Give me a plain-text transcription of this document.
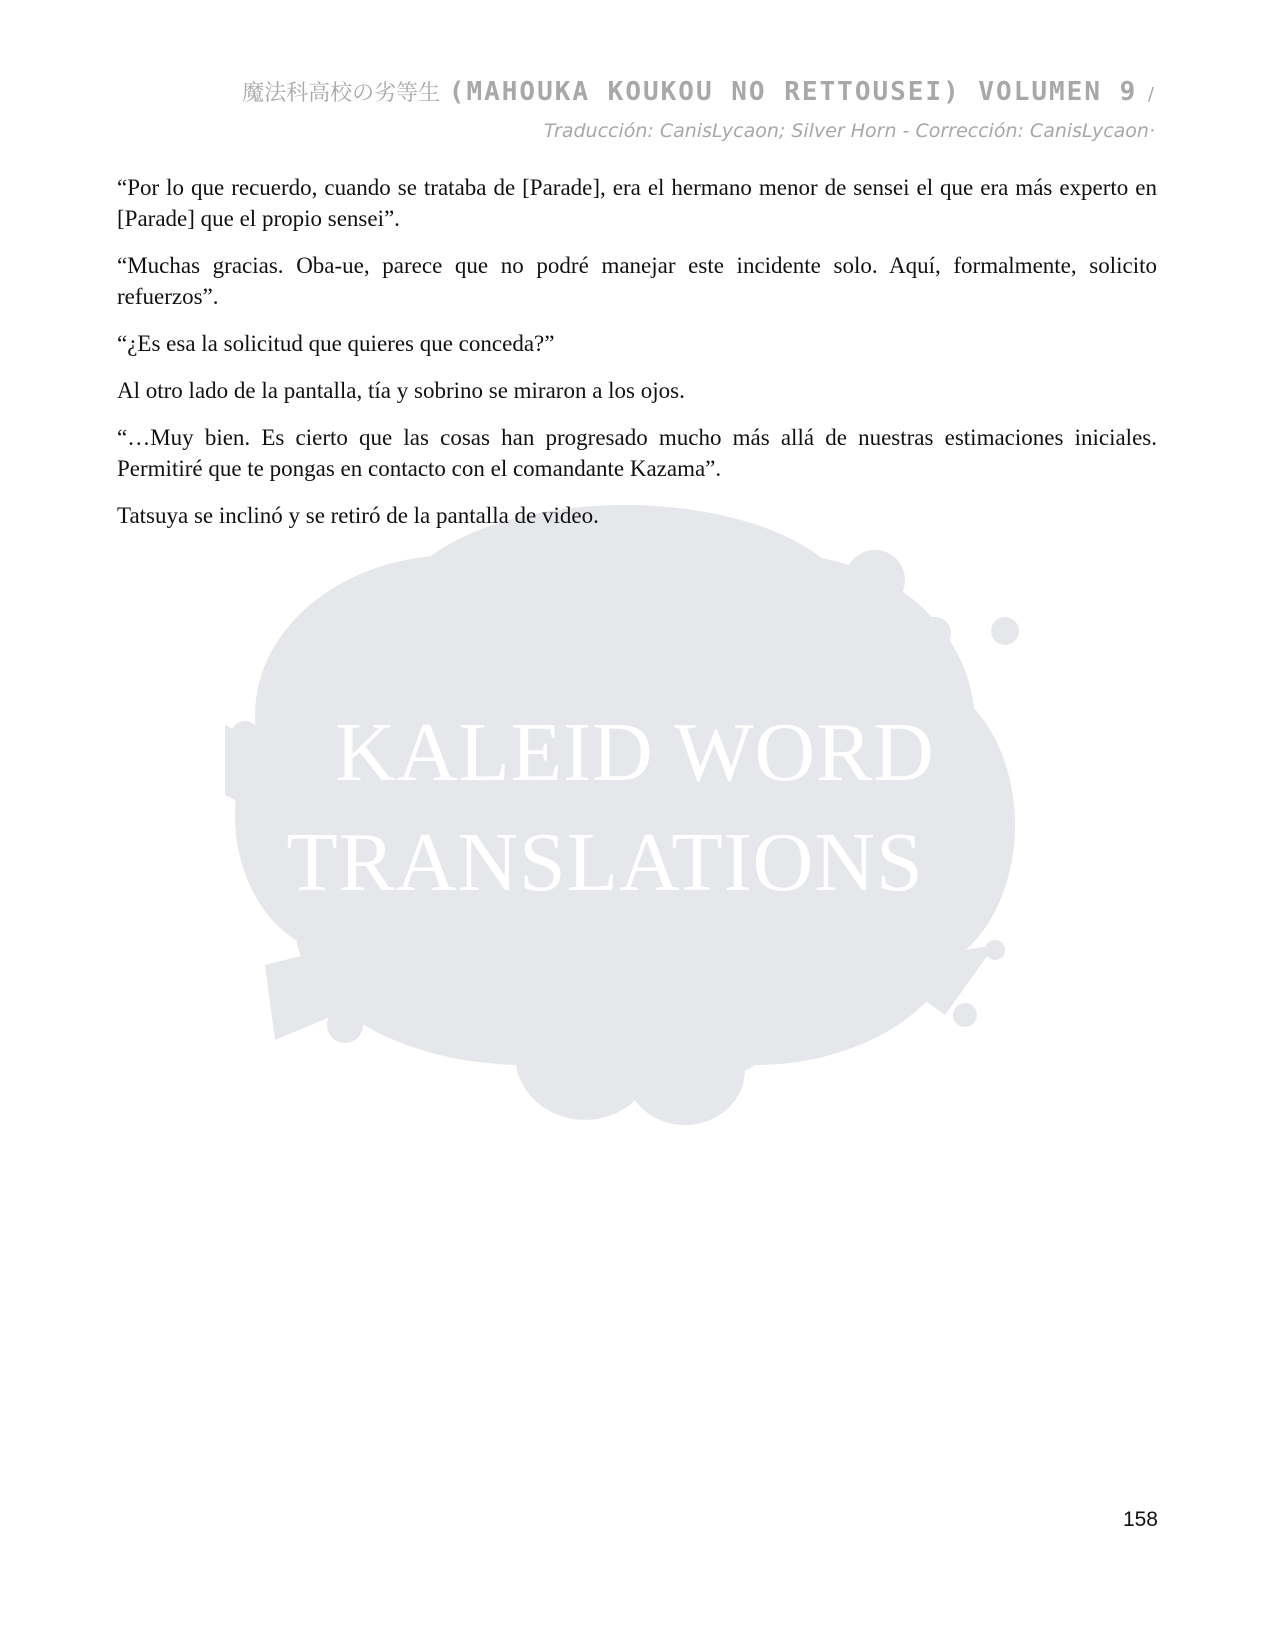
魔法科高校の劣等生 (MAHOUKA KOUKOU NO RETTOUSEI) VOLUMEN 9 /
Traducción: CanisLycaon; Silver Horn - Corrección: CanisLycaon·
KALEID WORD
TRANSLATIONS

“Por lo que recuerdo, cuando se trataba de [Parade], era el hermano menor de sensei el que era más experto en [Parade] que el propio sensei”.

“Muchas gracias. Oba-ue, parece que no podré manejar este incidente solo. Aquí, formalmente, solicito refuerzos”.

“¿Es esa la solicitud que quieres que conceda?”

Al otro lado de la pantalla, tía y sobrino se miraron a los ojos.

“…Muy bien. Es cierto que las cosas han progresado mucho más allá de nuestras estimaciones iniciales. Permitiré que te pongas en contacto con el comandante Kazama”.

Tatsuya se inclinó y se retiró de la pantalla de video.

158
